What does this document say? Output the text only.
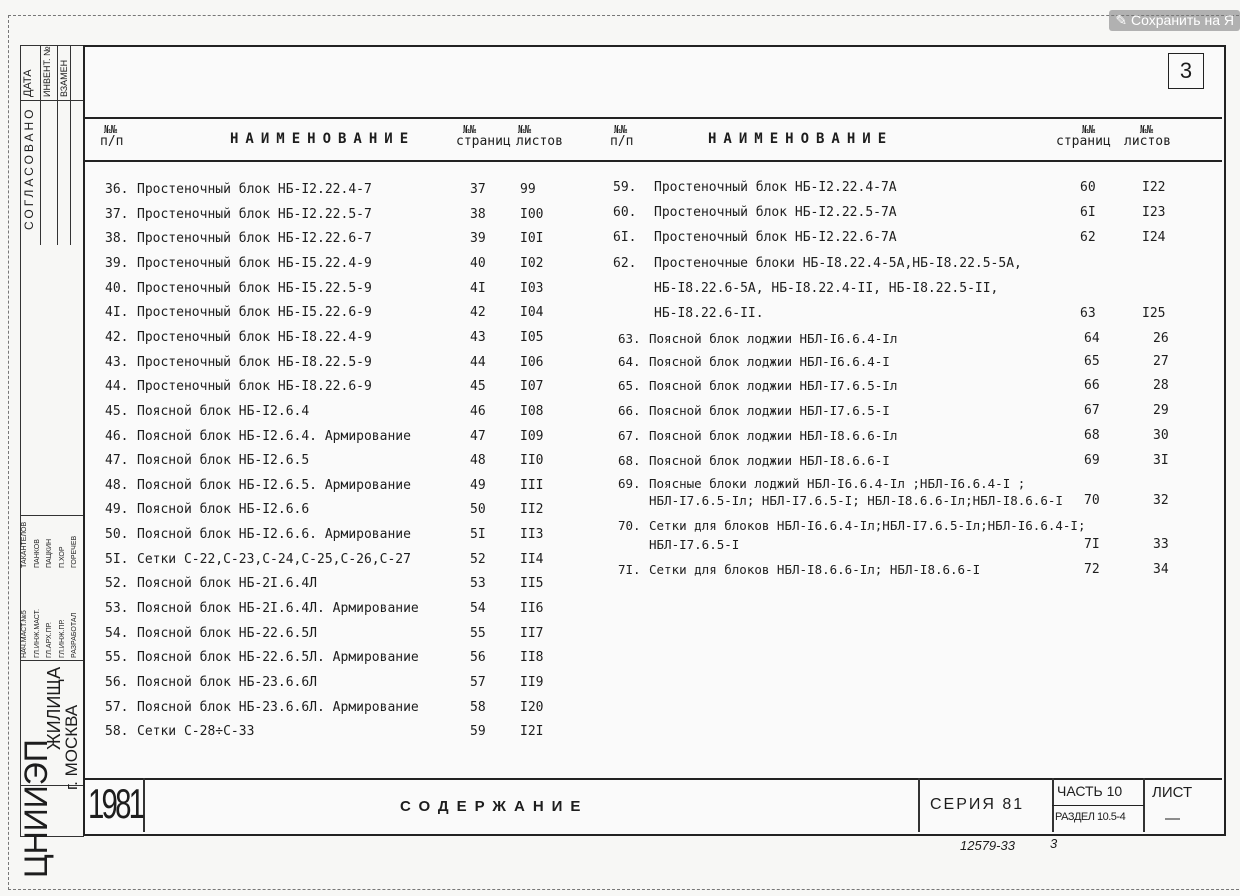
✎ Сохранить на Я
ДАТА ИНВЕНТ. № ВЗАМЕН
СОГЛАСОВАНО
НАЧ.МАСТ.№5
ТАКАНТЕЛОВ
ГЛ.ИНЖ.МАСТ.
ПАНКОВ
ГЛ.АРХ.ПР.
ПАЦКИН
ГЛ.ИНЖ.ПР.
П.ХОР
РАЗРАБОТАЛ
ГОРЕЧЕВ
ЦНИИЭП
ЖИЛИЩА
г. МОСКВА
3
№№
п/п	НАИМЕНОВАНИЕ
№№
страниц
№№
листов
№№
п/п	НАИМЕНОВАНИЕ
№№
страниц
№№
листов
36. Простеночный блок НБ-I2.22.4-7	37	99
37. Простеночный блок НБ-I2.22.5-7	38	I00
38. Простеночный блок НБ-I2.22.6-7	39	I0I
39. Простеночный блок НБ-I5.22.4-9	40	I02
40. Простеночный блок НБ-I5.22.5-9	4I	I03
4I. Простеночный блок НБ-I5.22.6-9	42	I04
42. Простеночный блок НБ-I8.22.4-9	43	I05
43. Простеночный блок НБ-I8.22.5-9	44	I06
44. Простеночный блок НБ-I8.22.6-9	45	I07
45. Поясной блок НБ-I2.6.4	46	I08
46. Поясной блок НБ-I2.6.4. Армирование	47	I09
47. Поясной блок НБ-I2.6.5	48	II0
48. Поясной блок НБ-I2.6.5. Армирование	49	III
49. Поясной блок НБ-I2.6.6	50	II2
50. Поясной блок НБ-I2.6.6. Армирование	5I	II3
5I. Сетки С-22,С-23,С-24,С-25,С-26,С-27	52	II4
52. Поясной блок НБ-2I.6.4Л	53	II5
53. Поясной блок НБ-2I.6.4Л. Армирование	54	II6
54. Поясной блок НБ-22.6.5Л	55	II7
55. Поясной блок НБ-22.6.5Л. Армирование	56	II8
56. Поясной блок НБ-23.6.6Л	57	II9
57. Поясной блок НБ-23.6.6Л. Армирование	58	I20
58. Сетки С-28÷С-33	59	I2I
59. Простеночный блок НБ-I2.22.4-7А	60	I22
60. Простеночный блок НБ-I2.22.5-7А	6I	I23
6I. Простеночный блок НБ-I2.22.6-7А	62	I24
62. Простеночные блоки НБ-I8.22.4-5А,НБ-I8.22.5-5А,
НБ-I8.22.6-5А, НБ-I8.22.4-II, НБ-I8.22.5-II,
НБ-I8.22.6-II.	63	I25
63. Поясной блок лоджии НБЛ-I6.6.4-Iл	64	26
64. Поясной блок лоджии НБЛ-I6.6.4-I	65	27
65. Поясной блок лоджии НБЛ-I7.6.5-Iл	66	28
66. Поясной блок лоджии НБЛ-I7.6.5-I	67	29
67. Поясной блок лоджии НБЛ-I8.6.6-Iл	68	30
68. Поясной блок лоджии НБЛ-I8.6.6-I	69	3I
69. Поясные блоки лоджий НБЛ-I6.6.4-Iл ;НБЛ-I6.6.4-I ;
НБЛ-I7.6.5-Iл; НБЛ-I7.6.5-I; НБЛ-I8.6.6-Iл;НБЛ-I8.6.6-I 70	32
70. Сетки для блоков НБЛ-I6.6.4-Iл;НБЛ-I7.6.5-Iл;НБЛ-I6.6.4-I;
НБЛ-I7.6.5-I	7I	33
7I. Сетки для блоков НБЛ-I8.6.6-Iл; НБЛ-I8.6.6-I	72	34
1981	СОДЕРЖАНИЕ	СЕРИЯ 81
ЧАСТЬ 10
РАЗДЕЛ 10.5-4
ЛИСТ
—
12579-33	3
